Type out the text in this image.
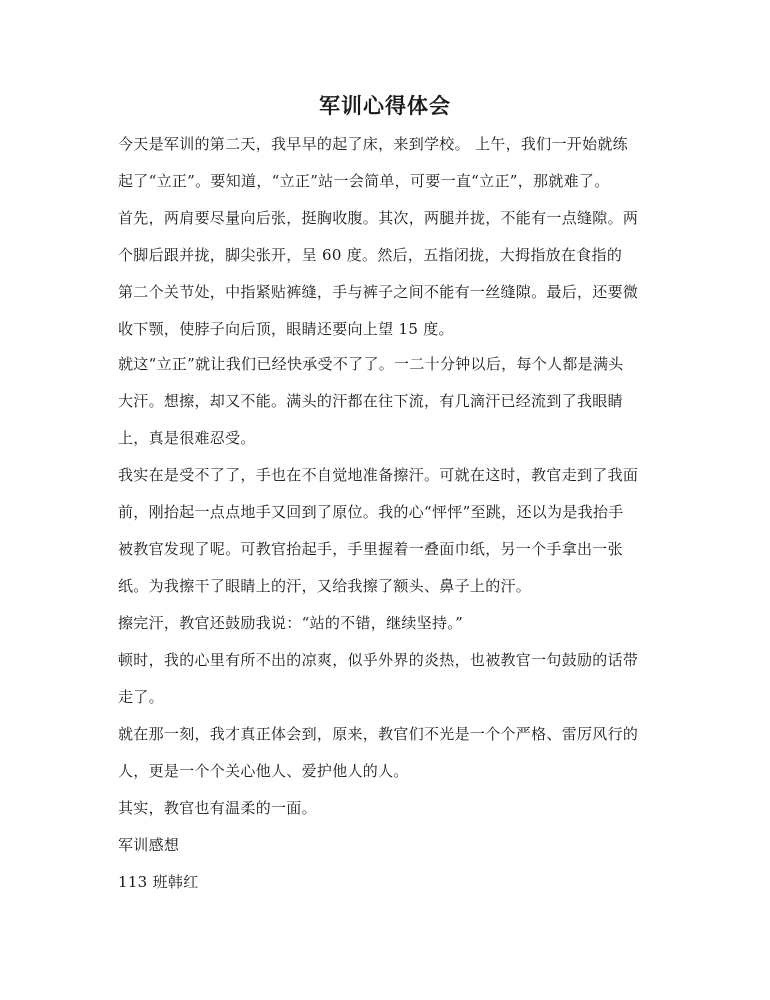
军训心得体会
今天是军训的第二天，我早早的起了床，来到学校。 上午，我们一开始就练
起了“立正”。要知道，“立正”站一会简单，可要一直“立正”，那就难了。
首先，两肩要尽量向后张，挺胸收腹。其次，两腿并拢，不能有一点缝隙。两
个脚后跟并拢，脚尖张开，呈 60 度。然后，五指闭拢，大拇指放在食指的
第二个关节处，中指紧贴裤缝，手与裤子之间不能有一丝缝隙。最后，还要微
收下颚，使脖子向后顶，眼睛还要向上望 15 度。
就这“立正”就让我们已经快承受不了了。一二十分钟以后，每个人都是满头
大汗。想擦，却又不能。满头的汗都在往下流，有几滴汗已经流到了我眼睛
上，真是很难忍受。
我实在是受不了了，手也在不自觉地准备擦汗。可就在这时，教官走到了我面
前，刚抬起一点点地手又回到了原位。我的心“怦怦”至跳，还以为是我抬手
被教官发现了呢。可教官抬起手，手里握着一叠面巾纸，另一个手拿出一张
纸。为我擦干了眼睛上的汗，又给我擦了额头、鼻子上的汗。
擦完汗，教官还鼓励我说：“站的不错，继续坚持。”
顿时，我的心里有所不出的凉爽，似乎外界的炎热，也被教官一句鼓励的话带
走了。
就在那一刻，我才真正体会到，原来，教官们不光是一个个严格、雷厉风行的
人，更是一个个关心他人、爱护他人的人。
其实，教官也有温柔的一面。
军训感想
113 班韩红
